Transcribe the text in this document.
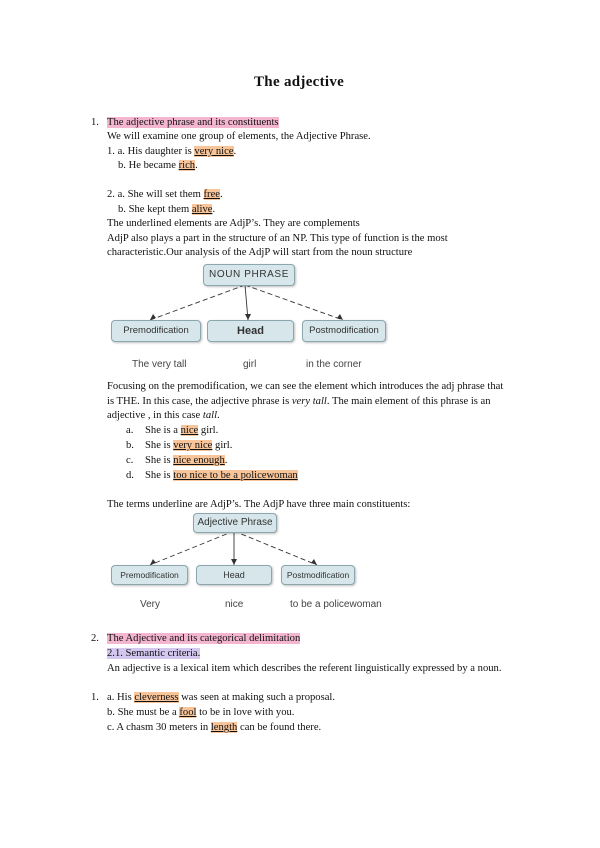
The adjective
1. The adjective phrase and its constituents
We will examine one group of elements, the Adjective Phrase.
1. a. His daughter is very nice.
b. He became rich.
2. a. She will set them free.
b. She kept them alive.
The underlined elements are AdjP’s. They are complements
AdjP also plays a part in the structure of an NP. This type of function is the most
characteristic.Our analysis of the AdjP will start from the noun structure
NOUN PHRASE
Premodification	Head	Postmodification
The very tall	girl	in the corner
Focusing on the premodification, we can see the element which introduces the adj phrase that
is THE. In this case, the adjective phrase is very tall. The main element of this phrase is an
adjective , in this case tall.
a. She is a nice girl.
b. She is very nice girl.
c. She is nice enough.
d. She is too nice to be a policewoman
The terms underline are AdjP’s. The AdjP have three main constituents:
Adjective Phrase
Premodification	Head	Postmodification
Very	nice	to be a policewoman
2. The Adjective and its categorical delimitation
2.1. Semantic criteria.
An adjective is a lexical item which describes the referent linguistically expressed by a noun.
1. a. His cleverness was seen at making such a proposal.
b. She must be a fool to be in love with you.
c. A chasm 30 meters in length can be found there.
